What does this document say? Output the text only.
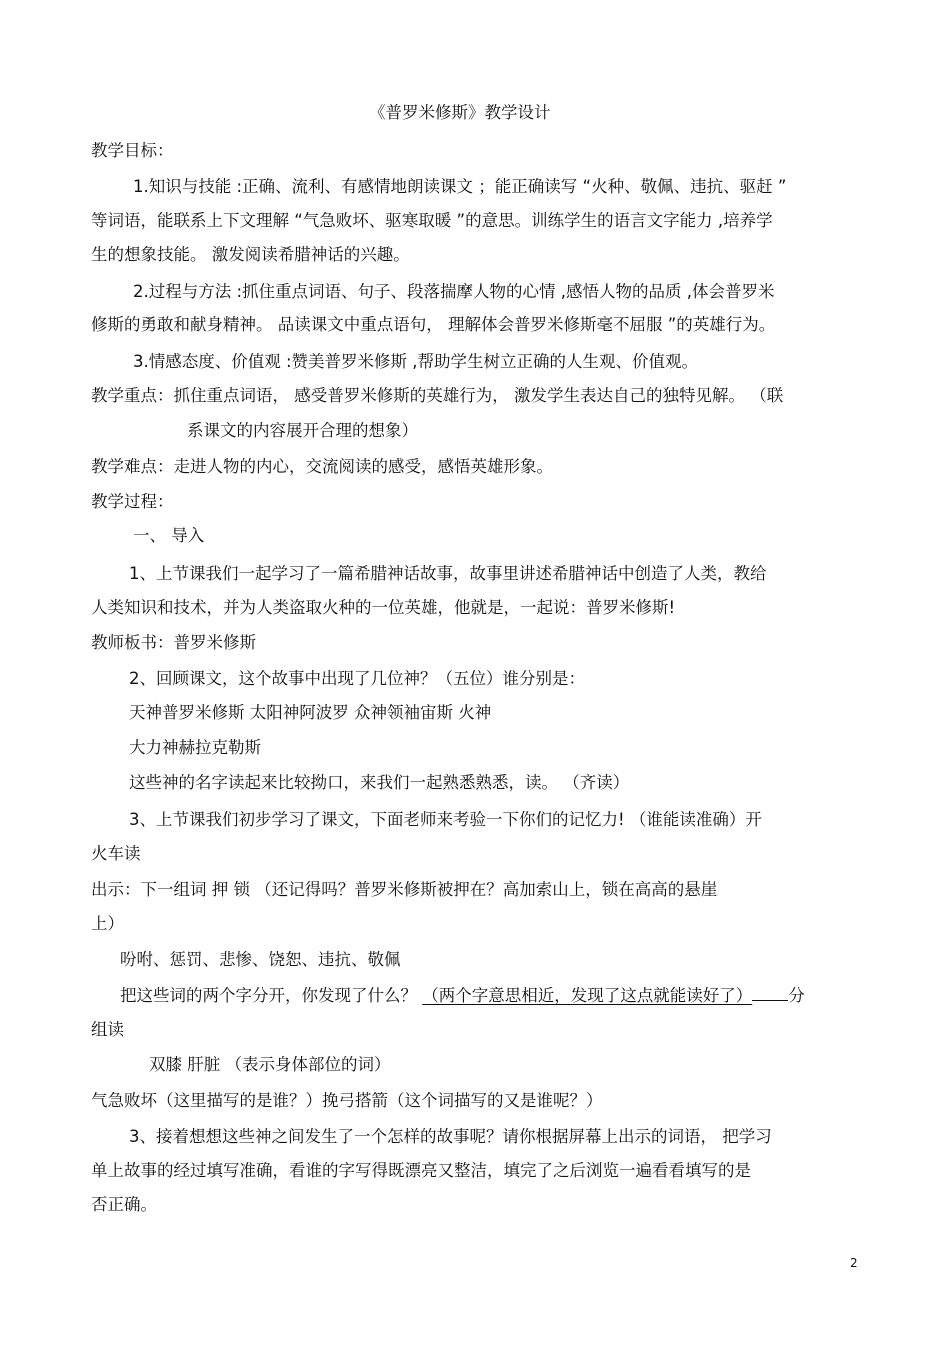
《普罗米修斯》教学设计
教学目标：
1.知识与技能 :正确、流利、有感情地朗读课文 ；能正确读写 “火种、敬佩、违抗、驱赶 ”
等词语，能联系上下文理解 “气急败坏、驱寒取暖 ”的意思。训练学生的语言文字能力 ,培养学
生的想象技能。 激发阅读希腊神话的兴趣。
2.过程与方法 :抓住重点词语、句子、段落揣摩人物的心情 ,感悟人物的品质 ,体会普罗米
修斯的勇敢和献身精神。 品读课文中重点语句， 理解体会普罗米修斯毫不屈服 ”的英雄行为。
3.情感态度、价值观 :赞美普罗米修斯 ,帮助学生树立正确的人生观、价值观。
教学重点：抓住重点词语， 感受普罗米修斯的英雄行为， 激发学生表达自己的独特见解。 （联
系课文的内容展开合理的想象）
教学难点：走进人物的内心，交流阅读的感受，感悟英雄形象。
教学过程：
一、 导入
1、上节课我们一起学习了一篇希腊神话故事，故事里讲述希腊神话中创造了人类，教给
人类知识和技术，并为人类盗取火种的一位英雄，他就是，一起说：普罗米修斯!
教师板书：普罗米修斯
2、回顾课文，这个故事中出现了几位神？（五位）谁分别是：
天神普罗米修斯 太阳神阿波罗 众神领袖宙斯 火神
大力神赫拉克勒斯
这些神的名字读起来比较拗口，来我们一起熟悉熟悉，读。 （齐读）
3、上节课我们初步学习了课文，下面老师来考验一下你们的记忆力! （谁能读准确）开
火车读
出示：下一组词 押 锁 （还记得吗？普罗米修斯被押在？高加索山上，锁在高高的悬崖
上）
吩咐、惩罚、悲惨、饶恕、违抗、敬佩
把这些词的两个字分开，你发现了什么？ （两个字意思相近，发现了这点就能读好了） 分
组读
双膝 肝脏 （表示身体部位的词）
气急败坏（这里描写的是谁？）挽弓搭箭（这个词描写的又是谁呢？）
3、接着想想这些神之间发生了一个怎样的故事呢？请你根据屏幕上出示的词语， 把学习
单上故事的经过填写准确，看谁的字写得既漂亮又整洁，填完了之后浏览一遍看看填写的是
否正确。
2
